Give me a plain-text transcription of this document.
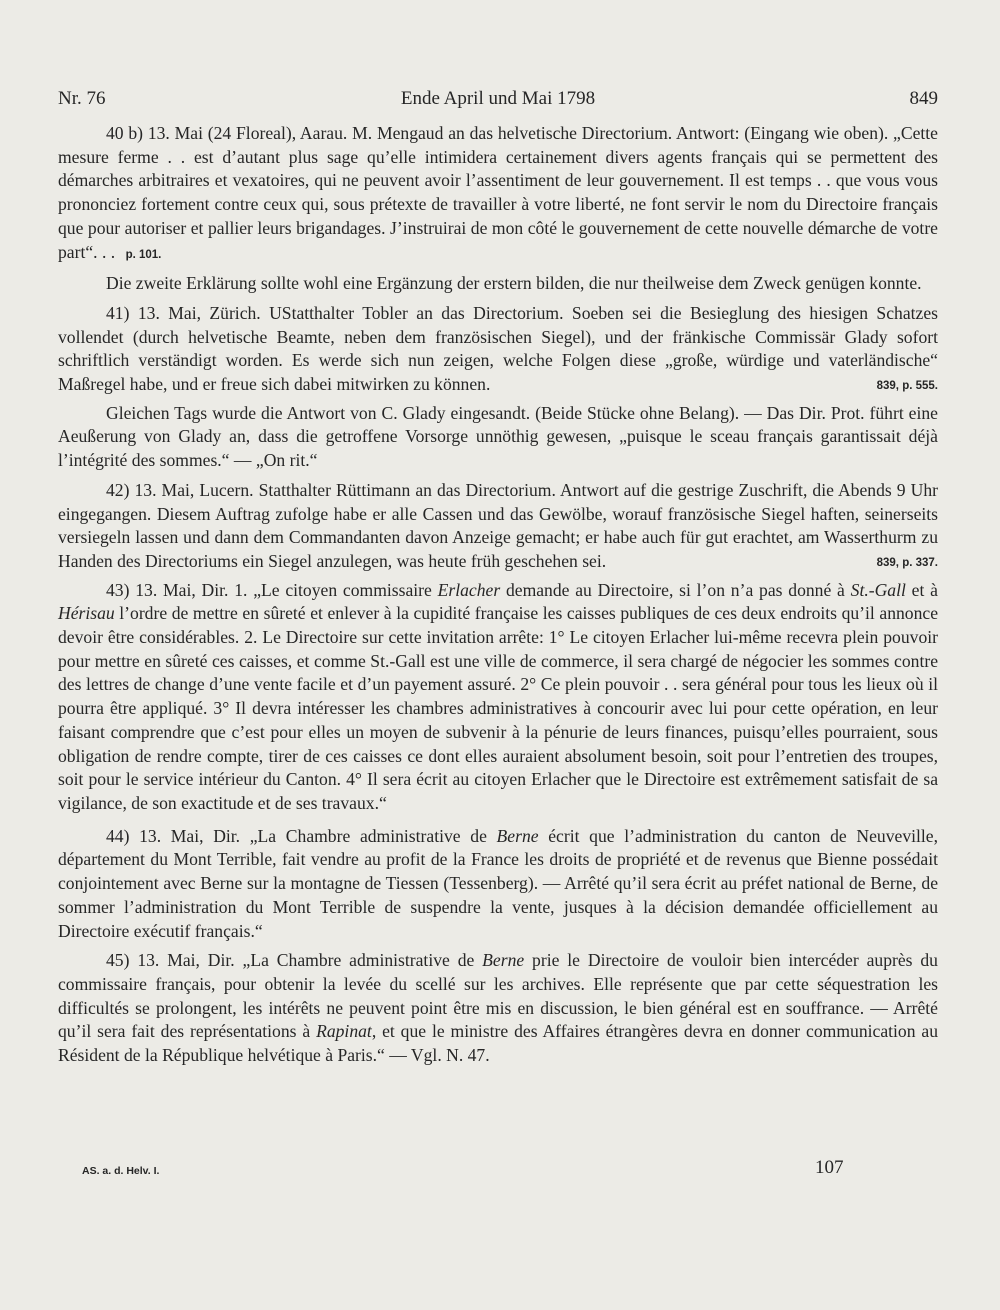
Nr. 76	Ende April und Mai 1798	849

40 b) 13. Mai (24 Floreal), Aarau. M. Mengaud an das helvetische Directorium. Antwort: (Eingang wie oben). „Cette mesure ferme . . est d’autant plus sage qu’elle intimidera certainement divers agents français qui se permettent des démarches arbitraires et vexatoires, qui ne peuvent avoir l’assentiment de leur gouvernement. Il est temps . . que vous vous prononciez fortement contre ceux qui, sous prétexte de travailler à votre liberté, ne font servir le nom du Directoire français que pour autoriser et pallier leurs brigandages. J’instruirai de mon côté le gouvernement de cette nouvelle démarche de votre part“. . . p. 101.

Die zweite Erklärung sollte wohl eine Ergänzung der erstern bilden, die nur theilweise dem Zweck genügen konnte.

41) 13. Mai, Zürich. UStatthalter Tobler an das Directorium. Soeben sei die Besieglung des hiesigen Schatzes vollendet (durch helvetische Beamte, neben dem französischen Siegel), und der fränkische Commissär Glady sofort schriftlich verständigt worden. Es werde sich nun zeigen, welche Folgen diese „große, würdige und vaterländische“ Maßregel habe, und er freue sich dabei mitwirken zu können.	839, p. 555.

Gleichen Tags wurde die Antwort von C. Glady eingesandt. (Beide Stücke ohne Belang). — Das Dir. Prot. führt eine Aeußerung von Glady an, dass die getroffene Vorsorge unnöthig gewesen, „puisque le sceau français garantissait déjà l’intégrité des sommes.“ — „On rit.“

42) 13. Mai, Lucern. Statthalter Rüttimann an das Directorium. Antwort auf die gestrige Zuschrift, die Abends 9 Uhr eingegangen. Diesem Auftrag zufolge habe er alle Cassen und das Gewölbe, worauf französische Siegel haften, seinerseits versiegeln lassen und dann dem Commandanten davon Anzeige gemacht; er habe auch für gut erachtet, am Wasserthurm zu Handen des Directoriums ein Siegel anzulegen, was heute früh geschehen sei.	839, p. 337.

43) 13. Mai, Dir. 1. „Le citoyen commissaire Erlacher demande au Directoire, si l’on n’a pas donné à St.-Gall et à Hérisau l’ordre de mettre en sûreté et enlever à la cupidité française les caisses publiques de ces deux endroits qu’il annonce devoir être considérables. 2. Le Directoire sur cette invitation arrête: 1° Le citoyen Erlacher lui-même recevra plein pouvoir pour mettre en sûreté ces caisses, et comme St.-Gall est une ville de commerce, il sera chargé de négocier les sommes contre des lettres de change d’une vente facile et d’un payement assuré. 2° Ce plein pouvoir . . sera général pour tous les lieux où il pourra être appliqué. 3° Il devra intéresser les chambres administratives à concourir avec lui pour cette opération, en leur faisant comprendre que c’est pour elles un moyen de subvenir à la pénurie de leurs finances, puisqu’elles pourraient, sous obligation de rendre compte, tirer de ces caisses ce dont elles auraient absolument besoin, soit pour l’entretien des troupes, soit pour le service intérieur du Canton. 4° Il sera écrit au citoyen Erlacher que le Directoire est extrêmement satisfait de sa vigilance, de son exactitude et de ses travaux.“

44) 13. Mai, Dir. „La Chambre administrative de Berne écrit que l’administration du canton de Neuveville, département du Mont Terrible, fait vendre au profit de la France les droits de propriété et de revenus que Bienne possédait conjointement avec Berne sur la montagne de Tiessen (Tessenberg). — Arrêté qu’il sera écrit au préfet national de Berne, de sommer l’administration du Mont Terrible de suspendre la vente, jusques à la décision demandée officiellement au Directoire exécutif français.“

45) 13. Mai, Dir. „La Chambre administrative de Berne prie le Directoire de vouloir bien intercéder auprès du commissaire français, pour obtenir la levée du scellé sur les archives. Elle représente que par cette séquestration les difficultés se prolongent, les intérêts ne peuvent point être mis en discussion, le bien général est en souffrance. — Arrêté qu’il sera fait des représentations à Rapinat, et que le ministre des Affaires étrangères devra en donner communication au Résident de la République helvétique à Paris.“ — Vgl. N. 47.

AS. a. d. Helv. I.	107
